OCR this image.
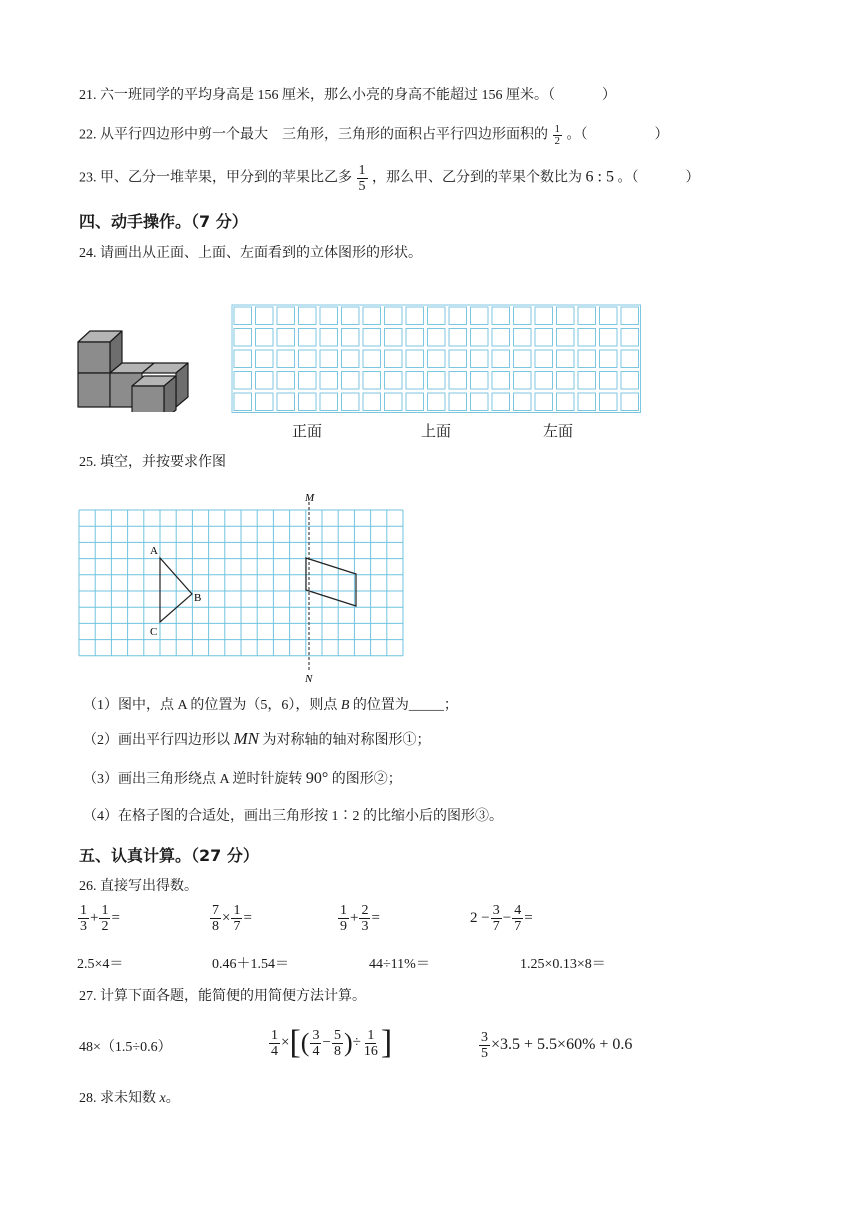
21. 六一班同学的平均身高是 156 厘米，那么小亮的身高不能超过 156 厘米。（	）
22. 从平行四边形中剪一个最大　三角形，三角形的面积占平行四边形面积的 $\frac{1}{2}$ 。（	）
23. 甲、乙分一堆苹果，甲分到的苹果比乙多 $\frac{1}{5}$ ，那么甲、乙分到的苹果个数比为 6 : 5 。（	）
四、动手操作。（7 分）
24. 请画出从正面、上面、左面看到的立体图形的形状。
正面	上面	左面
25. 填空，并按要求作图
M
N
A
B
C
（1）图中，点 A 的位置为（5，6），则点 B 的位置为_____；
（2）画出平行四边形以 MN 为对称轴的轴对称图形①；
（3）画出三角形绕点 A 逆时针旋转 90° 的图形②；
（4）在格子图的合适处，画出三角形按 1∶2 的比缩小后的图形③。
五、认真计算。（27 分）
26. 直接写出得数。
$\frac{1}{3} + \frac{1}{2}$ =	$\frac{7}{8} \times \frac{1}{7}$ =	$\frac{1}{9} + \frac{2}{3}$ =	$2 - \frac{3}{7} - \frac{4}{7}$ =
2.5×4＝	0.46＋1.54＝	44÷11%＝	1.25×0.13×8＝
27. 计算下面各题，能简便的用简便方法计算。
48×（1.5÷0.6）	$\frac{1}{4}$ ×[( $\frac{3}{4} - \frac{5}{8}$ )÷ $\frac{1}{16}$ ]	$\frac{3}{5} \times 3.5 + 5.5\times 60\% + 0.6$
28. 求未知数 x。
